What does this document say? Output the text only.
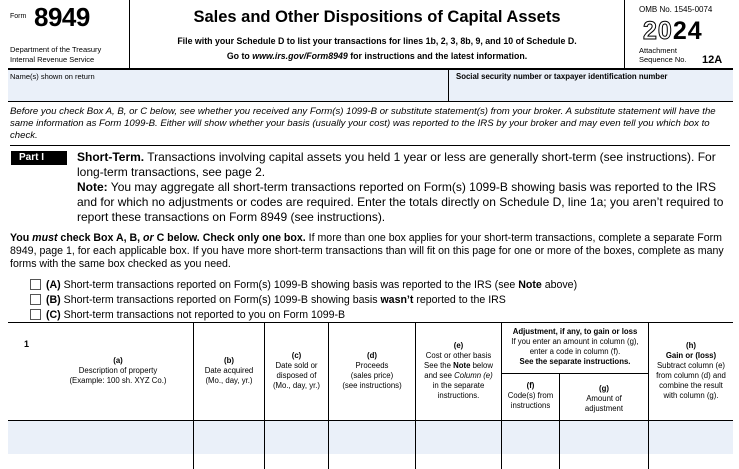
Form 8949
Department of the Treasury
Internal Revenue Service
Sales and Other Dispositions of Capital Assets
File with your Schedule D to list your transactions for lines 1b, 2, 3, 8b, 9, and 10 of Schedule D.
Go to www.irs.gov/Form8949 for instructions and the latest information.
OMB No. 1545-0074
2024
Attachment
Sequence No. 12A
Name(s) shown on return	Social security number or taxpayer identification number
Before you check Box A, B, or C below, see whether you received any Form(s) 1099-B or substitute statement(s) from your broker. A substitute statement will have the same information as Form 1099-B. Either will show whether your basis (usually your cost) was reported to the IRS by your broker and may even tell you which box to check.
Part I	Short-Term. Transactions involving capital assets you held 1 year or less are generally short-term (see instructions). For long-term transactions, see page 2.

Note: You may aggregate all short-term transactions reported on Form(s) 1099-B showing basis was reported to the IRS and for which no adjustments or codes are required. Enter the totals directly on Schedule D, line 1a; you aren’t required to report these transactions on Form 8949 (see instructions).

You must check Box A, B, or C below. Check only one box. If more than one box applies for your short-term transactions, complete a separate Form 8949, page 1, for each applicable box. If you have more short-term transactions than will fit on this page for one or more of the boxes, complete as many forms with the same box checked as you need.
(A) Short-term transactions reported on Form(s) 1099-B showing basis was reported to the IRS (see Note above)
(B) Short-term transactions reported on Form(s) 1099-B showing basis wasn’t reported to the IRS
(C) Short-term transactions not reported to you on Form 1099-B
1
(a)
Description of property
(Example: 100 sh. XYZ Co.)
(b)
Date acquired
(Mo., day, yr.)
(c)
Date sold or
disposed of
(Mo., day, yr.)
(d)
Proceeds
(sales price)
(see instructions)
(e)
Cost or other basis
See the Note below
and see Column (e)
in the separate
instructions.
Adjustment, if any, to gain or loss
If you enter an amount in column (g),
enter a code in column (f).
See the separate instructions.
(f)
Code(s) from
instructions
(g)
Amount of
adjustment
(h)
Gain or (loss)
Subtract column (e)
from column (d) and
combine the result
with column (g).
